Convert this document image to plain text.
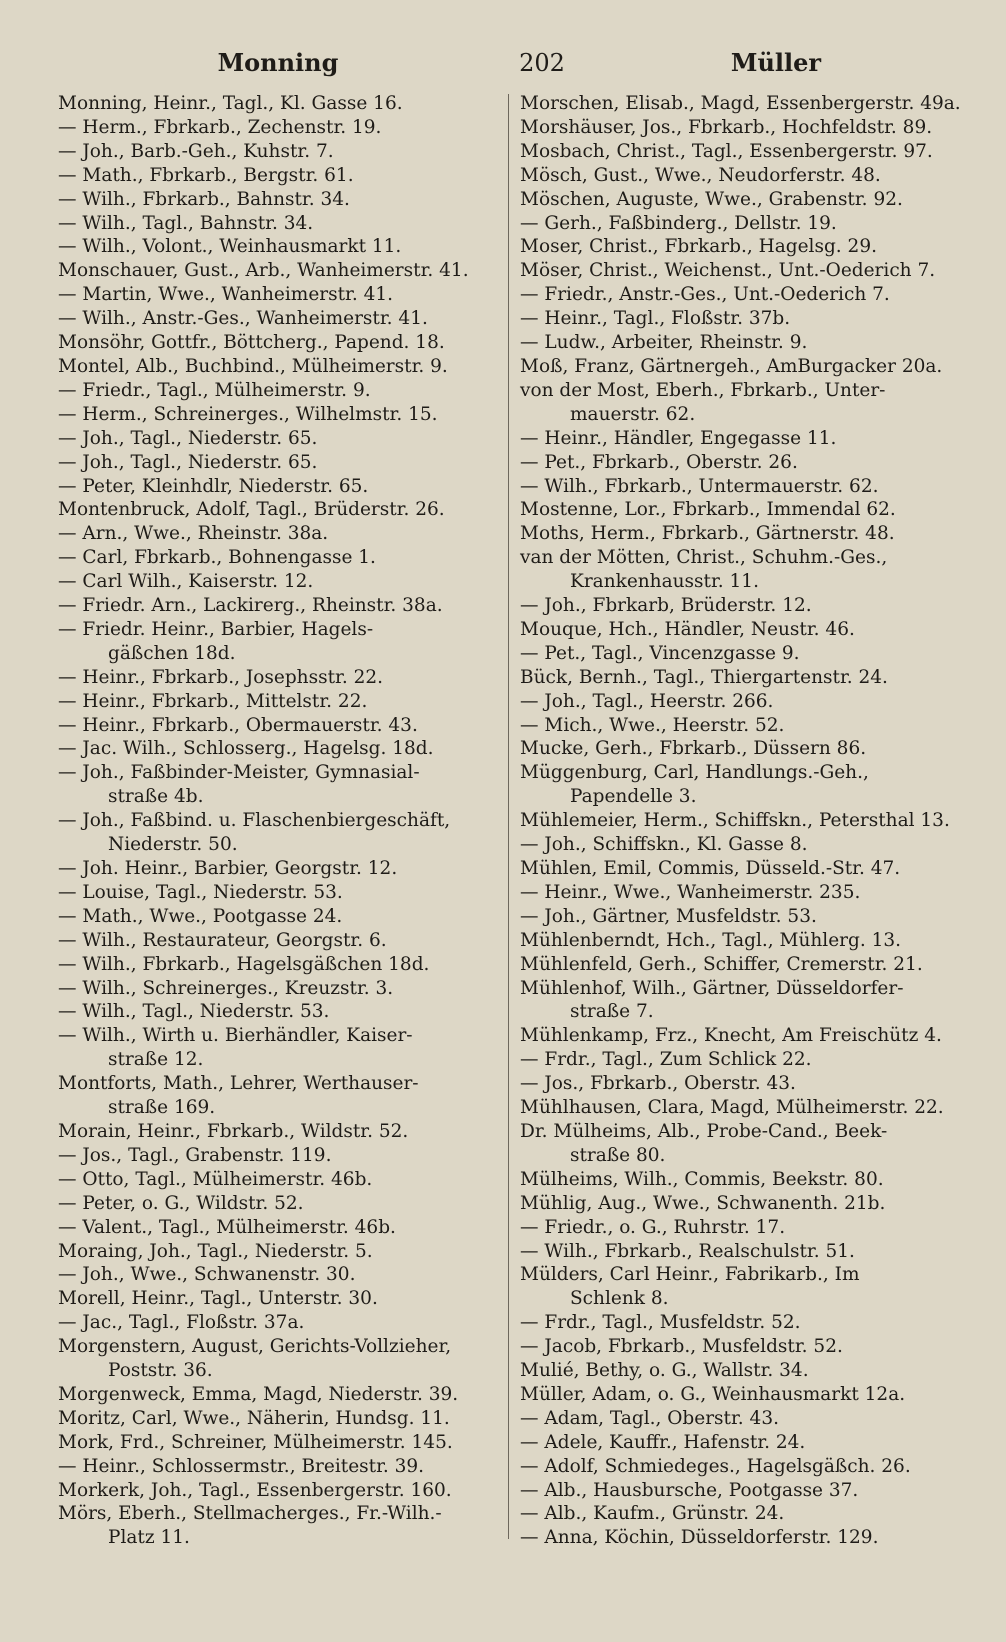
Monning	202	Müller
Monning, Heinr., Tagl., Kl. Gasse 16.
— Herm., Fbrkarb., Zechenstr. 19.
— Joh., Barb.-Geh., Kuhstr. 7.
— Math., Fbrkarb., Bergstr. 61.
— Wilh., Fbrkarb., Bahnstr. 34.
— Wilh., Tagl., Bahnstr. 34.
— Wilh., Volont., Weinhausmarkt 11.
Monschauer, Gust., Arb., Wanheimerstr. 41.
— Martin, Wwe., Wanheimerstr. 41.
— Wilh., Anstr.-Ges., Wanheimerstr. 41.
Monsöhr, Gottfr., Böttcherg., Papend. 18.
Montel, Alb., Buchbind., Mülheimerstr. 9.
— Friedr., Tagl., Mülheimerstr. 9.
— Herm., Schreinerges., Wilhelmstr. 15.
— Joh., Tagl., Niederstr. 65.
— Joh., Tagl., Niederstr. 65.
— Peter, Kleinhdlr, Niederstr. 65.
Montenbruck, Adolf, Tagl., Brüderstr. 26.
— Arn., Wwe., Rheinstr. 38a.
— Carl, Fbrkarb., Bohnengasse 1.
— Carl Wilh., Kaiserstr. 12.
— Friedr. Arn., Lackirerg., Rheinstr. 38a.
— Friedr. Heinr., Barbier, Hagels-
gäßchen 18d.
— Heinr., Fbrkarb., Josephsstr. 22.
— Heinr., Fbrkarb., Mittelstr. 22.
— Heinr., Fbrkarb., Obermauerstr. 43.
— Jac. Wilh., Schlosserg., Hagelsg. 18d.
— Joh., Faßbinder-Meister, Gymnasial-
straße 4b.
— Joh., Faßbind. u. Flaschenbiergeschäft,
Niederstr. 50.
— Joh. Heinr., Barbier, Georgstr. 12.
— Louise, Tagl., Niederstr. 53.
— Math., Wwe., Pootgasse 24.
— Wilh., Restaurateur, Georgstr. 6.
— Wilh., Fbrkarb., Hagelsgäßchen 18d.
— Wilh., Schreinerges., Kreuzstr. 3.
— Wilh., Tagl., Niederstr. 53.
— Wilh., Wirth u. Bierhändler, Kaiser-
straße 12.
Montforts, Math., Lehrer, Werthauser-
straße 169.
Morain, Heinr., Fbrkarb., Wildstr. 52.
— Jos., Tagl., Grabenstr. 119.
— Otto, Tagl., Mülheimerstr. 46b.
— Peter, o. G., Wildstr. 52.
— Valent., Tagl., Mülheimerstr. 46b.
Moraing, Joh., Tagl., Niederstr. 5.
— Joh., Wwe., Schwanenstr. 30.
Morell, Heinr., Tagl., Unterstr. 30.
— Jac., Tagl., Floßstr. 37a.
Morgenstern, August, Gerichts-Vollzieher,
Poststr. 36.
Morgenweck, Emma, Magd, Niederstr. 39.
Moritz, Carl, Wwe., Näherin, Hundsg. 11.
Mork, Frd., Schreiner, Mülheimerstr. 145.
— Heinr., Schlossermstr., Breitestr. 39.
Morkerk, Joh., Tagl., Essenbergerstr. 160.
Mörs, Eberh., Stellmacherges., Fr.-Wilh.-
Platz 11.
Morschen, Elisab., Magd, Essenbergerstr. 49a.
Morshäuser, Jos., Fbrkarb., Hochfeldstr. 89.
Mosbach, Christ., Tagl., Essenbergerstr. 97.
Mösch, Gust., Wwe., Neudorferstr. 48.
Möschen, Auguste, Wwe., Grabenstr. 92.
— Gerh., Faßbinderg., Dellstr. 19.
Moser, Christ., Fbrkarb., Hagelsg. 29.
Möser, Christ., Weichenst., Unt.-Oederich 7.
— Friedr., Anstr.-Ges., Unt.-Oederich 7.
— Heinr., Tagl., Floßstr. 37b.
— Ludw., Arbeiter, Rheinstr. 9.
Moß, Franz, Gärtnergeh., AmBurgacker 20a.
von der Most, Eberh., Fbrkarb., Unter-
mauerstr. 62.
— Heinr., Händler, Engegasse 11.
— Pet., Fbrkarb., Oberstr. 26.
— Wilh., Fbrkarb., Untermauerstr. 62.
Mostenne, Lor., Fbrkarb., Immendal 62.
Moths, Herm., Fbrkarb., Gärtnerstr. 48.
van der Mötten, Christ., Schuhm.-Ges.,
Krankenhausstr. 11.
— Joh., Fbrkarb, Brüderstr. 12.
Mouque, Hch., Händler, Neustr. 46.
— Pet., Tagl., Vincenzgasse 9.
Bück, Bernh., Tagl., Thiergartenstr. 24.
— Joh., Tagl., Heerstr. 266.
— Mich., Wwe., Heerstr. 52.
Mucke, Gerh., Fbrkarb., Düssern 86.
Müggenburg, Carl, Handlungs.-Geh.,
Papendelle 3.
Mühlemeier, Herm., Schiffskn., Petersthal 13.
— Joh., Schiffskn., Kl. Gasse 8.
Mühlen, Emil, Commis, Düsseld.-Str. 47.
— Heinr., Wwe., Wanheimerstr. 235.
— Joh., Gärtner, Musfeldstr. 53.
Mühlenberndt, Hch., Tagl., Mühlerg. 13.
Mühlenfeld, Gerh., Schiffer, Cremerstr. 21.
Mühlenhof, Wilh., Gärtner, Düsseldorfer-
straße 7.
Mühlenkamp, Frz., Knecht, Am Freischütz 4.
— Frdr., Tagl., Zum Schlick 22.
— Jos., Fbrkarb., Oberstr. 43.
Mühlhausen, Clara, Magd, Mülheimerstr. 22.
Dr. Mülheims, Alb., Probe-Cand., Beek-
straße 80.
Mülheims, Wilh., Commis, Beekstr. 80.
Mühlig, Aug., Wwe., Schwanenth. 21b.
— Friedr., o. G., Ruhrstr. 17.
— Wilh., Fbrkarb., Realschulstr. 51.
Mülders, Carl Heinr., Fabrikarb., Im
Schlenk 8.
— Frdr., Tagl., Musfeldstr. 52.
— Jacob, Fbrkarb., Musfeldstr. 52.
Mulié, Bethy, o. G., Wallstr. 34.
Müller, Adam, o. G., Weinhausmarkt 12a.
— Adam, Tagl., Oberstr. 43.
— Adele, Kauffr., Hafenstr. 24.
— Adolf, Schmiedeges., Hagelsgäßch. 26.
— Alb., Hausbursche, Pootgasse 37.
— Alb., Kaufm., Grünstr. 24.
— Anna, Köchin, Düsseldorferstr. 129.
